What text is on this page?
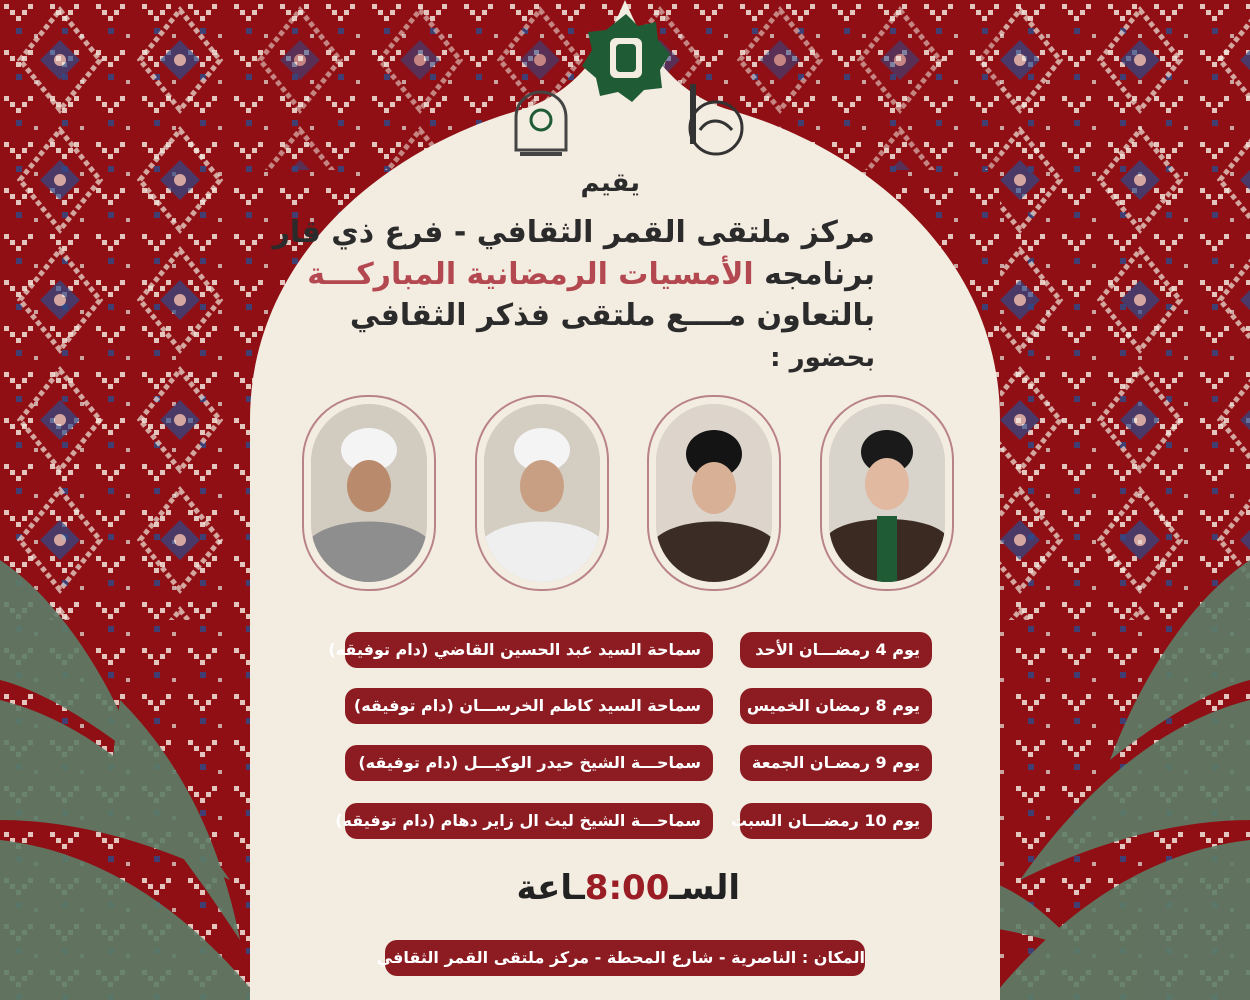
يقيم
مركز ملتقى القمر الثقافي - فرع ذي قار
برنامجه الأمسيات الرمضانية المباركـــة
بالتعاون مــــع ملتقى فذكر الثقافي
بحضور :
يوم 4 رمضـــان الأحد
سماحة السيد عبد الحسين القاضي (دام توفيقه)
يوم 8 رمضان الخميس
سماحة السيد كاظم الخرســـان (دام توفيقه)
يوم 9 رمضـان الجمعة
سماحـــة الشيخ حيدر الوكيـــل (دام توفيقه)
يوم 10 رمضـــان السبت
سماحـــة الشيخ ليث ال زاير دهام (دام توفيقه)
السـ8:00ـاعة
المكان : الناصرية - شارع المحطة - مركز ملتقى القمر الثقافي
